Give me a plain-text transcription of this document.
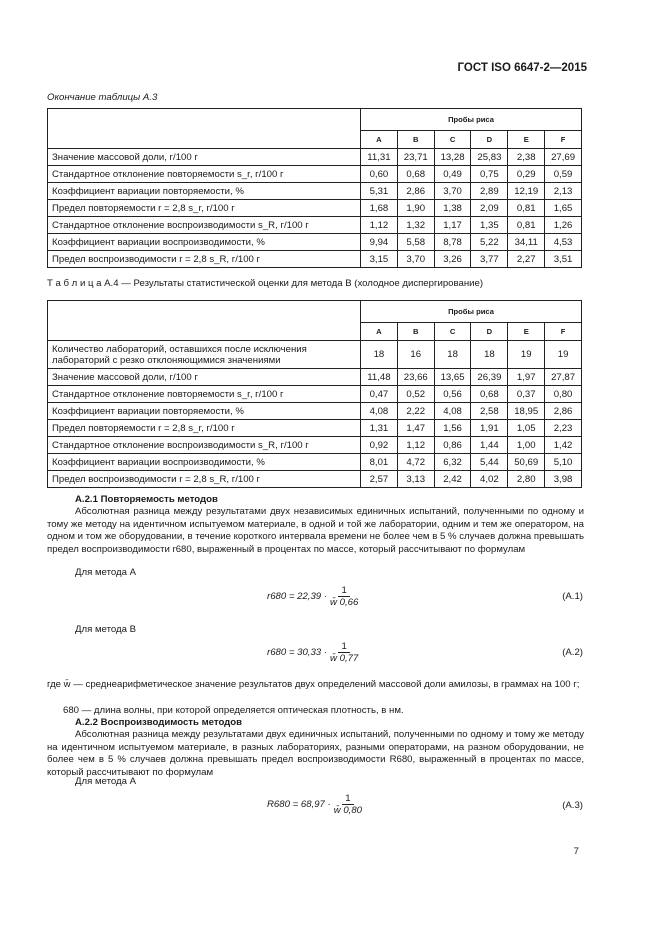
ГОСТ ISO 6647-2—2015
Окончание таблицы А.3
	Пробы риса					
	A	B	C	D	E	F
Значение массовой доли, г/100 г	11,31	23,71	13,28	25,83	2,38	27,69
Стандартное отклонение повторяемости s_r, г/100 г	0,60	0,68	0,49	0,75	0,29	0,59
Коэффициент вариации повторяемости, %	5,31	2,86	3,70	2,89	12,19	2,13
Предел повторяемости r = 2,8 s_r, г/100 г	1,68	1,90	1,38	2,09	0,81	1,65
Стандартное отклонение воспроизводимости s_R, г/100 г	1,12	1,32	1,17	1,35	0,81	1,26
Коэффициент вариации воспроизводимости, %	9,94	5,58	8,78	5,22	34,11	4,53
Предел воспроизводимости r = 2,8 s_R, г/100 г	3,15	3,70	3,26	3,77	2,27	3,51
Т а б л и ц а А.4 — Результаты статистической оценки для метода В (холодное диспергирование)
	Пробы риса					
	A	B	C	D	E	F
Количество лабораторий, оставшихся после исключения лабораторий с резко отклоняющимися значениями	18	16	18	18	19	19
Значение массовой доли, г/100 г	11,48	23,66	13,65	26,39	1,97	27,87
Стандартное отклонение повторяемости s_r, г/100 г	0,47	0,52	0,56	0,68	0,37	0,80
Коэффициент вариации повторяемости, %	4,08	2,22	4,08	2,58	18,95	2,86
Предел повторяемости r = 2,8 s_r, г/100 г	1,31	1,47	1,56	1,91	1,05	2,23
Стандартное отклонение воспроизводимости s_R, г/100 г	0,92	1,12	0,86	1,44	1,00	1,42
Коэффициент вариации воспроизводимости, %	8,01	4,72	6,32	5,44	50,69	5,10
Предел воспроизводимости r = 2,8 s_R, г/100 г	2,57	3,13	2,42	4,02	2,80	3,98
А.2.1 Повторяемость методов
Абсолютная разница между результатами двух независимых единичных испытаний, полученными по одному и тому же методу на идентичном испытуемом материале, в одной и той же лаборатории, одним и тем же оператором, на одном и том же оборудовании, в течение короткого интервала времени не более чем в 5 % случаев должна превышать предел воспроизводимости r680, выраженный в процентах по массе, который рассчитывают по формулам
Для метода А
$r680 = 22,39 \cdot \frac{1}{w̄ 0,66}$	(А.1)
Для метода В
$r680 = 30,33 \cdot \frac{1}{w̄ 0,77}$	(А.2)
где w̄ — среднеарифметическое значение результатов двух определений массовой доли амилозы, в граммах на 100 г;
680 — длина волны, при которой определяется оптическая плотность, в нм.
А.2.2 Воспроизводимость методов
Абсолютная разница между результатами двух единичных испытаний, полученными по одному и тому же методу на идентичном испытуемом материале, в разных лабораториях, разными операторами, на разном оборудовании, не более чем в 5 % случаев должна превышать предел воспроизводимости R680, выраженный в процентах по массе, который рассчитывают по формулам
Для метода А
$R680 = 68,97 \cdot \frac{1}{w̄ 0,80}$	(А.3)
7
